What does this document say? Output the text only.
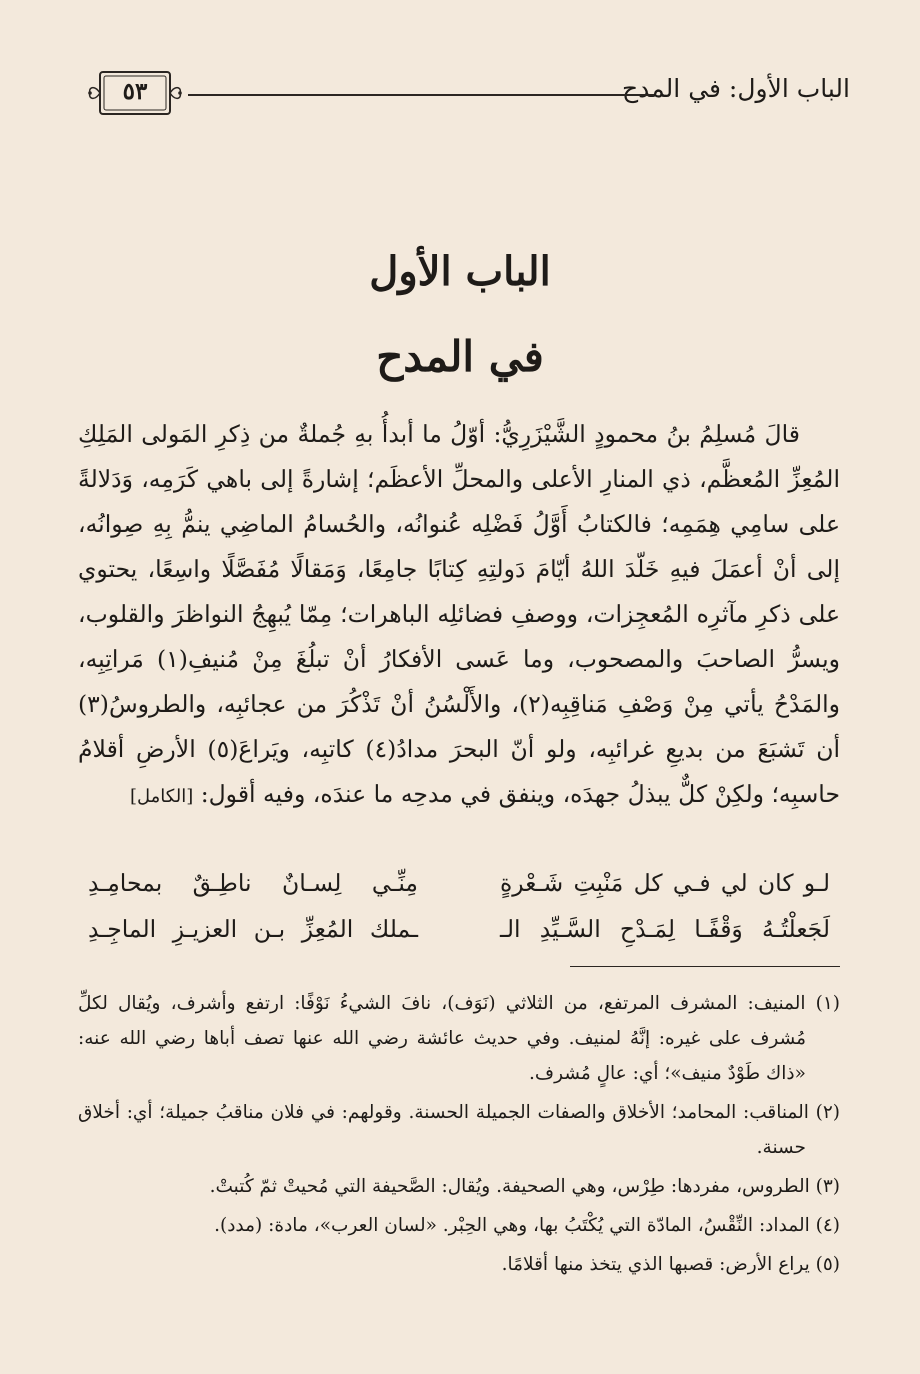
الباب الأول: في المدح
٥٣
الباب الأول
في المدح

قالَ مُسلِمُ بنُ محمودٍ الشَّيْزَرِيُّ: أوّلُ ما أبدأُ بهِ جُملةٌ من ذِكرِ المَولى المَلِكِ المُعِزِّ المُعظَّم، ذي المنارِ الأعلى والمحلِّ الأعظَم؛ إشارةً إلى باهي كَرَمِه، وَدَلالةً على سامِي هِمَمِه؛ فالكتابُ أَوَّلُ فَضْلِه عُنوانُه، والحُسامُ الماضِي ينمُّ بِهِ صِوانُه، إلى أنْ أعمَلَ فيهِ خَلّدَ اللهُ أيّامَ دَولتِهِ كِتابًا جامِعًا، وَمَقالًا مُفَصَّلًا واسِعًا، يحتوي على ذكرِ مآثرِه المُعجِزات، ووصفِ فضائلِه الباهرات؛ مِمّا يُبهِجُ النواظرَ والقلوب، ويسرُّ الصاحبَ والمصحوب، وما عَسى الأفكارُ أنْ تبلُغَ مِنْ مُنيفِ(١) مَراتِبِه، والمَدْحُ يأتي مِنْ وَصْفِ مَناقِبِه(٢)، والأَلْسُنُ أنْ تَذْكُرَ من عجائبِه، والطروسُ(٣) أن تَشبَعَ من بديعِ غرائبِه، ولو أنّ البحرَ مدادُ(٤) كاتبِه، ويَراعَ(٥) الأرضِ أقلامُ حاسبِه؛ ولكِنْ كلٌّ يبذلُ جهدَه، وينفق في مدحِه ما عندَه، وفيه أقول: [الكامل]

لـو كان لي فـي كل مَنْبِتِ شَـعْرةٍ
مِنِّـي لِسـانٌ ناطِـقٌ بمحامِـدِ
لَجَعلْتُـهُ وَقْفًـا لِمَـدْحِ السَّـيِّدِ الـ
ـملك المُعِزِّ بـن العزيـزِ الماجِـدِ

(١) المنيف: المشرف المرتفع، من الثلاثي (نَوَف)، نافَ الشيءُ نَوْفًا: ارتفع وأشرف، ويُقال لكلِّ مُشرف على غيره: إنَّهُ لمنيف. وفي حديث عائشة رضي الله عنها تصف أباها رضي الله عنه: «ذاك طَوْدٌ منيف»؛ أي: عالٍ مُشرف.

(٢) المناقب: المحامد؛ الأخلاق والصفات الجميلة الحسنة. وقولهم: في فلان مناقبُ جميلة؛ أي: أخلاق حسنة.

(٣) الطروس، مفردها: طِرْس، وهي الصحيفة. ويُقال: الصَّحيفة التي مُحيتْ ثمّ كُتبتْ.

(٤) المداد: النِّقْسُ، المادّة التي يُكْتَبُ بها، وهي الحِبْر. «لسان العرب»، مادة: (مدد).

(٥) يراع الأرض: قصبها الذي يتخذ منها أقلامًا.
